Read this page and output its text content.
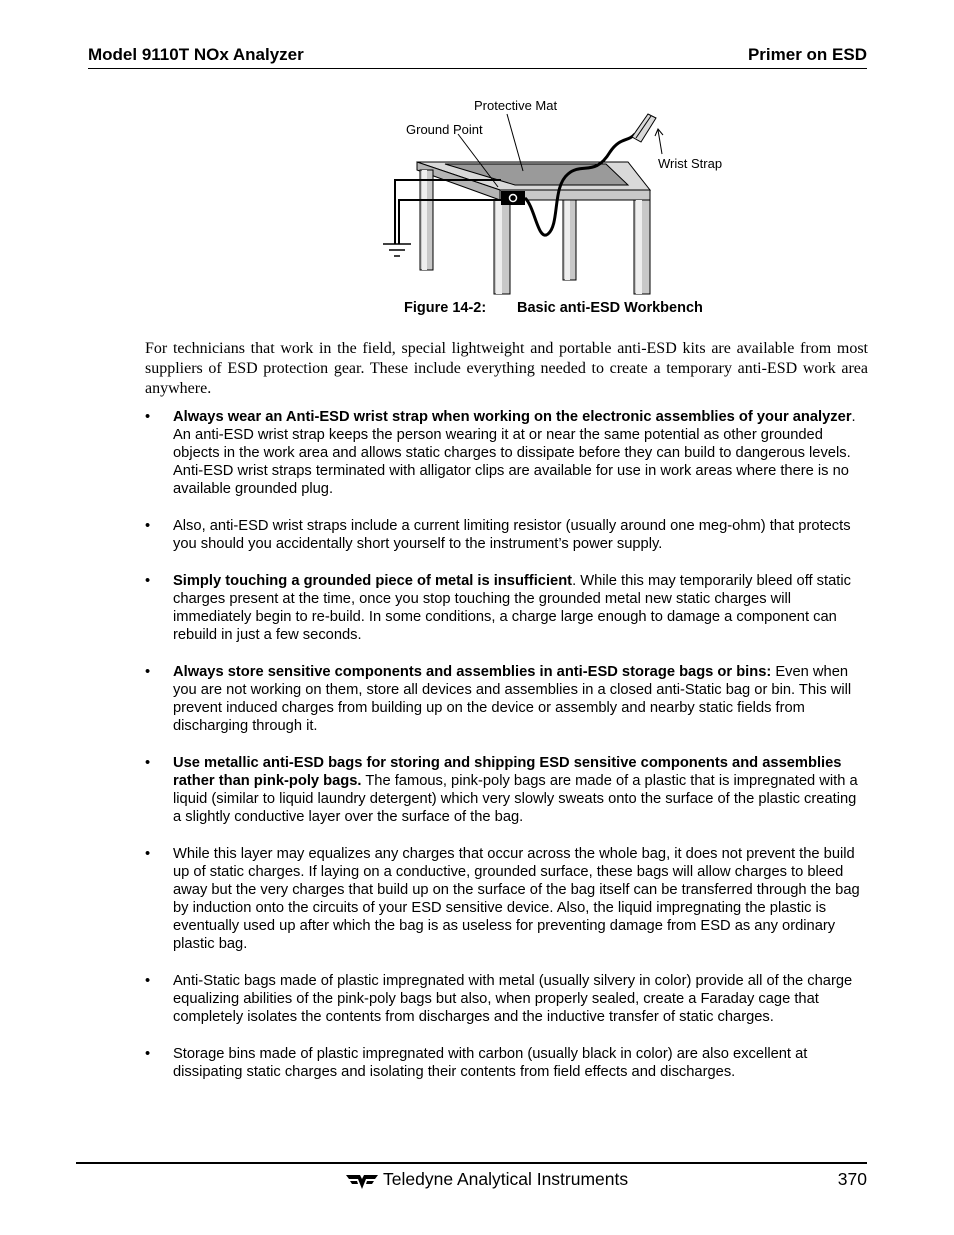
Model 9110T NOx Analyzer	Primer on ESD
Protective Mat
Ground Point
Wrist Strap
Figure 14-2: Basic anti-ESD Workbench

For technicians that work in the field, special lightweight and portable anti-ESD kits are available from most suppliers of ESD protection gear. These include everything needed to create a temporary anti-ESD work area anywhere.

• Always wear an Anti-ESD wrist strap when working on the electronic assemblies of your analyzer. An anti-ESD wrist strap keeps the person wearing it at or near the same potential as other grounded objects in the work area and allows static charges to dissipate before they can build to dangerous levels. Anti-ESD wrist straps terminated with alligator clips are available for use in work areas where there is no available grounded plug.
• Also, anti-ESD wrist straps include a current limiting resistor (usually around one meg-ohm) that protects you should you accidentally short yourself to the instrument’s power supply.
• Simply touching a grounded piece of metal is insufficient. While this may temporarily bleed off static charges present at the time, once you stop touching the grounded metal new static charges will immediately begin to re-build. In some conditions, a charge large enough to damage a component can rebuild in just a few seconds.
• Always store sensitive components and assemblies in anti-ESD storage bags or bins: Even when you are not working on them, store all devices and assemblies in a closed anti-Static bag or bin. This will prevent induced charges from building up on the device or assembly and nearby static fields from discharging through it.
• Use metallic anti-ESD bags for storing and shipping ESD sensitive components and assemblies rather than pink-poly bags. The famous, pink-poly bags are made of a plastic that is impregnated with a liquid (similar to liquid laundry detergent) which very slowly sweats onto the surface of the plastic creating a slightly conductive layer over the surface of the bag.
• While this layer may equalizes any charges that occur across the whole bag, it does not prevent the build up of static charges. If laying on a conductive, grounded surface, these bags will allow charges to bleed away but the very charges that build up on the surface of the bag itself can be transferred through the bag by induction onto the circuits of your ESD sensitive device. Also, the liquid impregnating the plastic is eventually used up after which the bag is as useless for preventing damage from ESD as any ordinary plastic bag.
• Anti-Static bags made of plastic impregnated with metal (usually silvery in color) provide all of the charge equalizing abilities of the pink-poly bags but also, when properly sealed, create a Faraday cage that completely isolates the contents from discharges and the inductive transfer of static charges.
• Storage bins made of plastic impregnated with carbon (usually black in color) are also excellent at dissipating static charges and isolating their contents from field effects and discharges.
Teledyne Analytical Instruments	370
